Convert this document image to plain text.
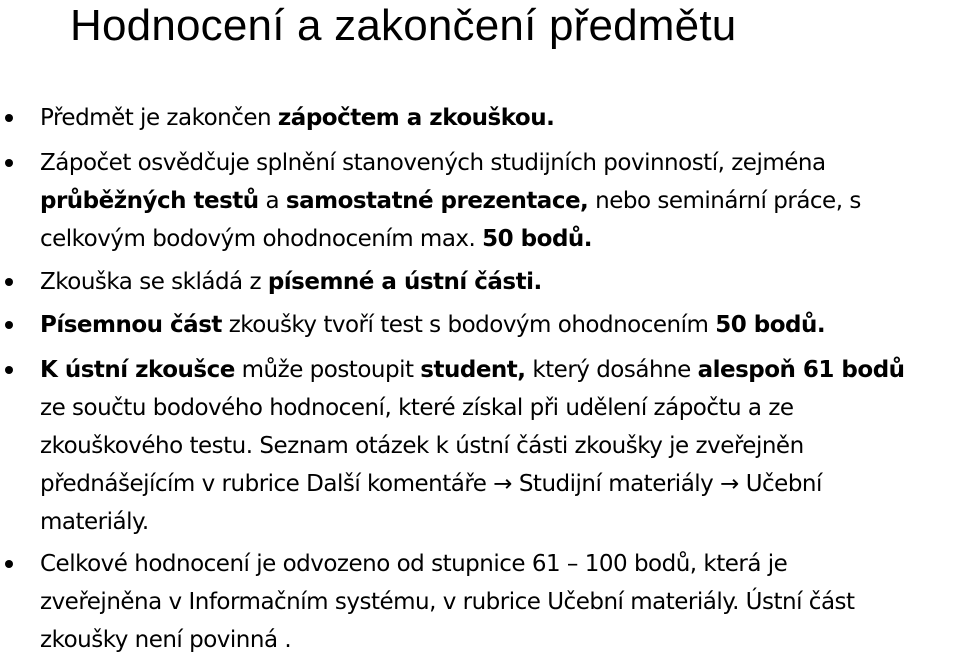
Hodnocení a zakončení předmětu
Předmět je zakončen zápočtem a zkouškou.
Zápočet osvědčuje splnění stanovených studijních povinností, zejména
průběžných testů a samostatné prezentace, nebo seminární práce, s
celkovým bodovým ohodnocením max. 50 bodů.
Zkouška se skládá z písemné a ústní části.
Písemnou část zkoušky tvoří test s bodovým ohodnocením 50 bodů.
K ústní zkoušce může postoupit student, který dosáhne alespoň 61 bodů
ze součtu bodového hodnocení, které získal při udělení zápočtu a ze
zkouškového testu. Seznam otázek k ústní části zkoušky je zveřejněn
přednášejícím v rubrice Další komentáře → Studijní materiály → Učební
materiály.
Celkové hodnocení je odvozeno od stupnice 61 – 100 bodů, která je
zveřejněna v Informačním systému, v rubrice Učební materiály. Ústní část
zkoušky není povinná .
